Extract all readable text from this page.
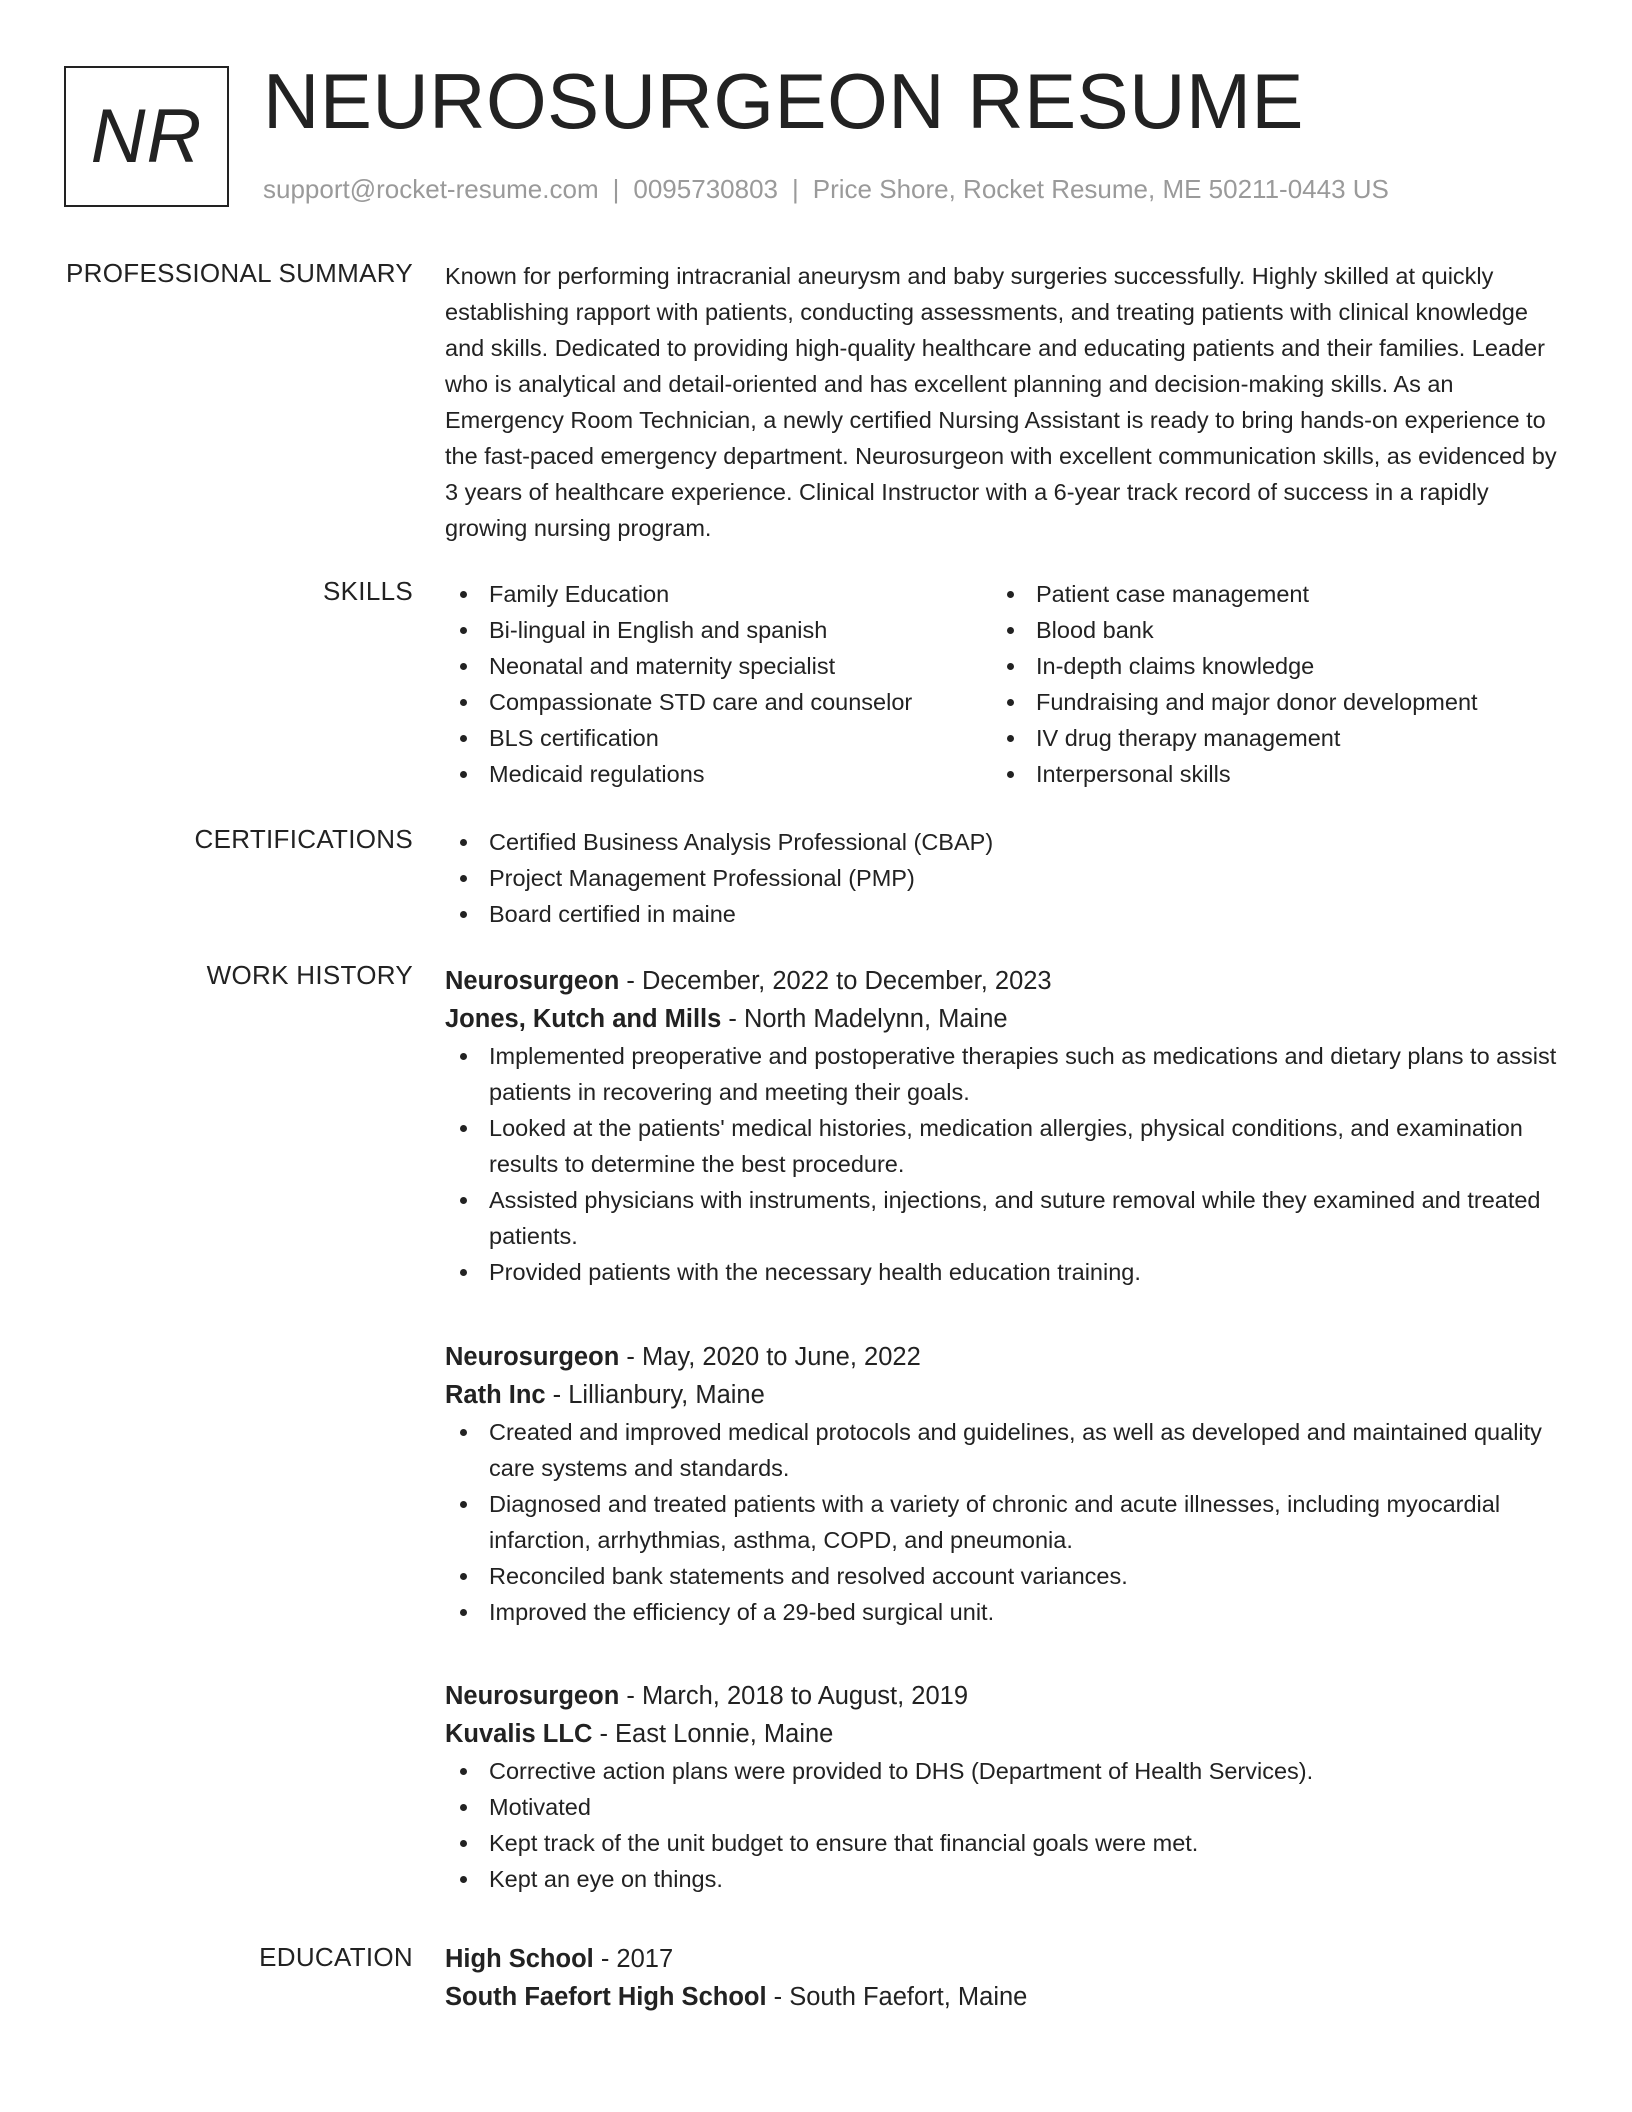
NR NEUROSURGEON RESUME
support@rocket-resume.com | 0095730803 | Price Shore, Rocket Resume, ME 50211-0443 US
PROFESSIONAL SUMMARY Known for performing intracranial aneurysm and baby surgeries successfully. Highly skilled at quickly establishing rapport with patients, conducting assessments, and treating patients with clinical knowledge and skills. Dedicated to providing high-quality healthcare and educating patients and their families. Leader who is analytical and detail-oriented and has excellent planning and decision-making skills. As an Emergency Room Technician, a newly certified Nursing Assistant is ready to bring hands-on experience to the fast-paced emergency department. Neurosurgeon with excellent communication skills, as evidenced by 3 years of healthcare experience. Clinical Instructor with a 6-year track record of success in a rapidly growing nursing program.

SKILLS	Family Education
Bi-lingual in English and spanish
Neonatal and maternity specialist
Compassionate STD care and counselor
BLS certification
Medicaid regulations
Patient case management
Blood bank
In-depth claims knowledge
Fundraising and major donor development
IV drug therapy management
Interpersonal skills
CERTIFICATIONS	Certified Business Analysis Professional (CBAP)
Project Management Professional (PMP)
Board certified in maine
WORK HISTORY Neurosurgeon - December, 2022 to December, 2023
Jones, Kutch and Mills - North Madelynn, Maine
Implemented preoperative and postoperative therapies such as medications and dietary plans to assist patients in recovering and meeting their goals.
Looked at the patients' medical histories, medication allergies, physical conditions, and examination results to determine the best procedure.
Assisted physicians with instruments, injections, and suture removal while they examined and treated patients.
Provided patients with the necessary health education training.
Neurosurgeon - May, 2020 to June, 2022
Rath Inc - Lillianbury, Maine
Created and improved medical protocols and guidelines, as well as developed and maintained quality care systems and standards.
Diagnosed and treated patients with a variety of chronic and acute illnesses, including myocardial infarction, arrhythmias, asthma, COPD, and pneumonia.
Reconciled bank statements and resolved account variances.
Improved the efficiency of a 29-bed surgical unit.
Neurosurgeon - March, 2018 to August, 2019
Kuvalis LLC - East Lonnie, Maine
Corrective action plans were provided to DHS (Department of Health Services).
Motivated
Kept track of the unit budget to ensure that financial goals were met.
Kept an eye on things.
EDUCATION High School - 2017
South Faefort High School - South Faefort, Maine
